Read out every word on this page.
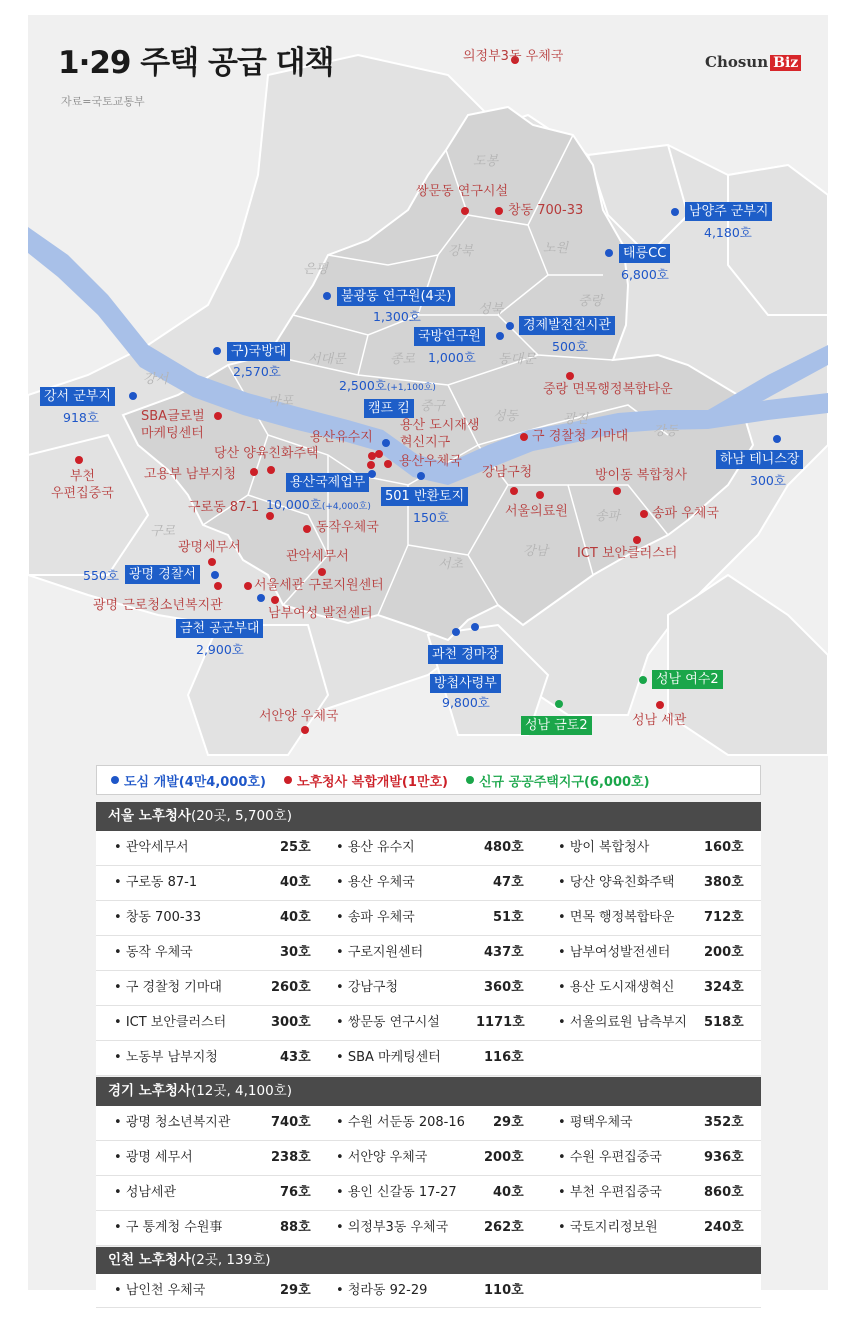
1·29 주택 공급 대책
자료=국토교통부
Chosun Biz
도봉
강북	노원
은평
성북
중랑
서대문	종로	동대문
강서
마포	중구
성동	광진
강동
구로
서초
송파
강남
의정부3동 우체국
쌍문동 연구시설
창동 700-33	남양주 군부지
4,180호
태릉CC
6,800호
불광동 연구원(4곳)
1,300호
경제발전전시관
500호
국방연구원
1,000호
구)국방대
2,570호
2,500호(+1,100호)
캠프 킴
중랑 면목행정복합타운
강서 군부지
918호	SBA글로벌
마케팅센터	용산유수지
용산 도시재생
혁신지구	구 경찰청 기마대
하남 테니스장
300호
당산 양육친화주택
고용부 남부지청
용산우체국
부천
우편집중국
용산국제업무
10,000호(+4,000호)
강남구청	방이동 복합청사
501 반환토지
150호	서울의료원	송파 우체국
구로동 87-1
동작우체국
광명세무서
관악세무서	ICT 보안클러스터
550호 광명 경찰서
서울세관 구로지원센터
광명 근로청소년복지관
남부여성 발전센터
금천 공군부대
2,900호	과천 경마장
성남 여수2
방첩사령부
9,800호
성남 세관
서안양 우체국
성남 금토2
도심 개발(4만4,000호) 노후청사 복합개발(1만호) 신규 공공주택지구(6,000호)
서울 노후청사(20곳, 5,700호)
• 관악세무서	25호 • 용산 유수지	480호	• 방이 복합청사	160호
• 구로동 87-1	40호 • 용산 우체국	47호	• 당산 양육친화주택 380호
• 창동 700-33	40호 • 송파 우체국	51호	• 면목 행정복합타운 712호
• 동작 우체국	30호 • 구로지원센터	437호	• 남부여성발전센터	200호
• 구 경찰청 기마대	260호 • 강남구청	360호	• 용산 도시재생혁신 324호
• ICT 보안클러스터	300호 • 쌍문동 연구시설	1171호	• 서울의료원 남측부지 518호
• 노동부 남부지청	43호 • SBA 마케팅센터	116호
경기 노후청사(12곳, 4,100호)
• 광명 청소년복지관	740호 • 수원 서둔동 208-16 29호	• 평택우체국	352호
• 광명 세무서	238호 • 서안양 우체국	200호	• 수원 우편집중국	936호
• 성남세관	76호 • 용인 신갈동 17-27	40호	• 부천 우편집중국	860호
• 구 통계청 수원事	88호 • 의정부3동 우체국	262호	• 국토지리정보원	240호
인천 노후청사(2곳, 139호)
• 남인천 우체국	29호 • 청라동 92-29	110호
